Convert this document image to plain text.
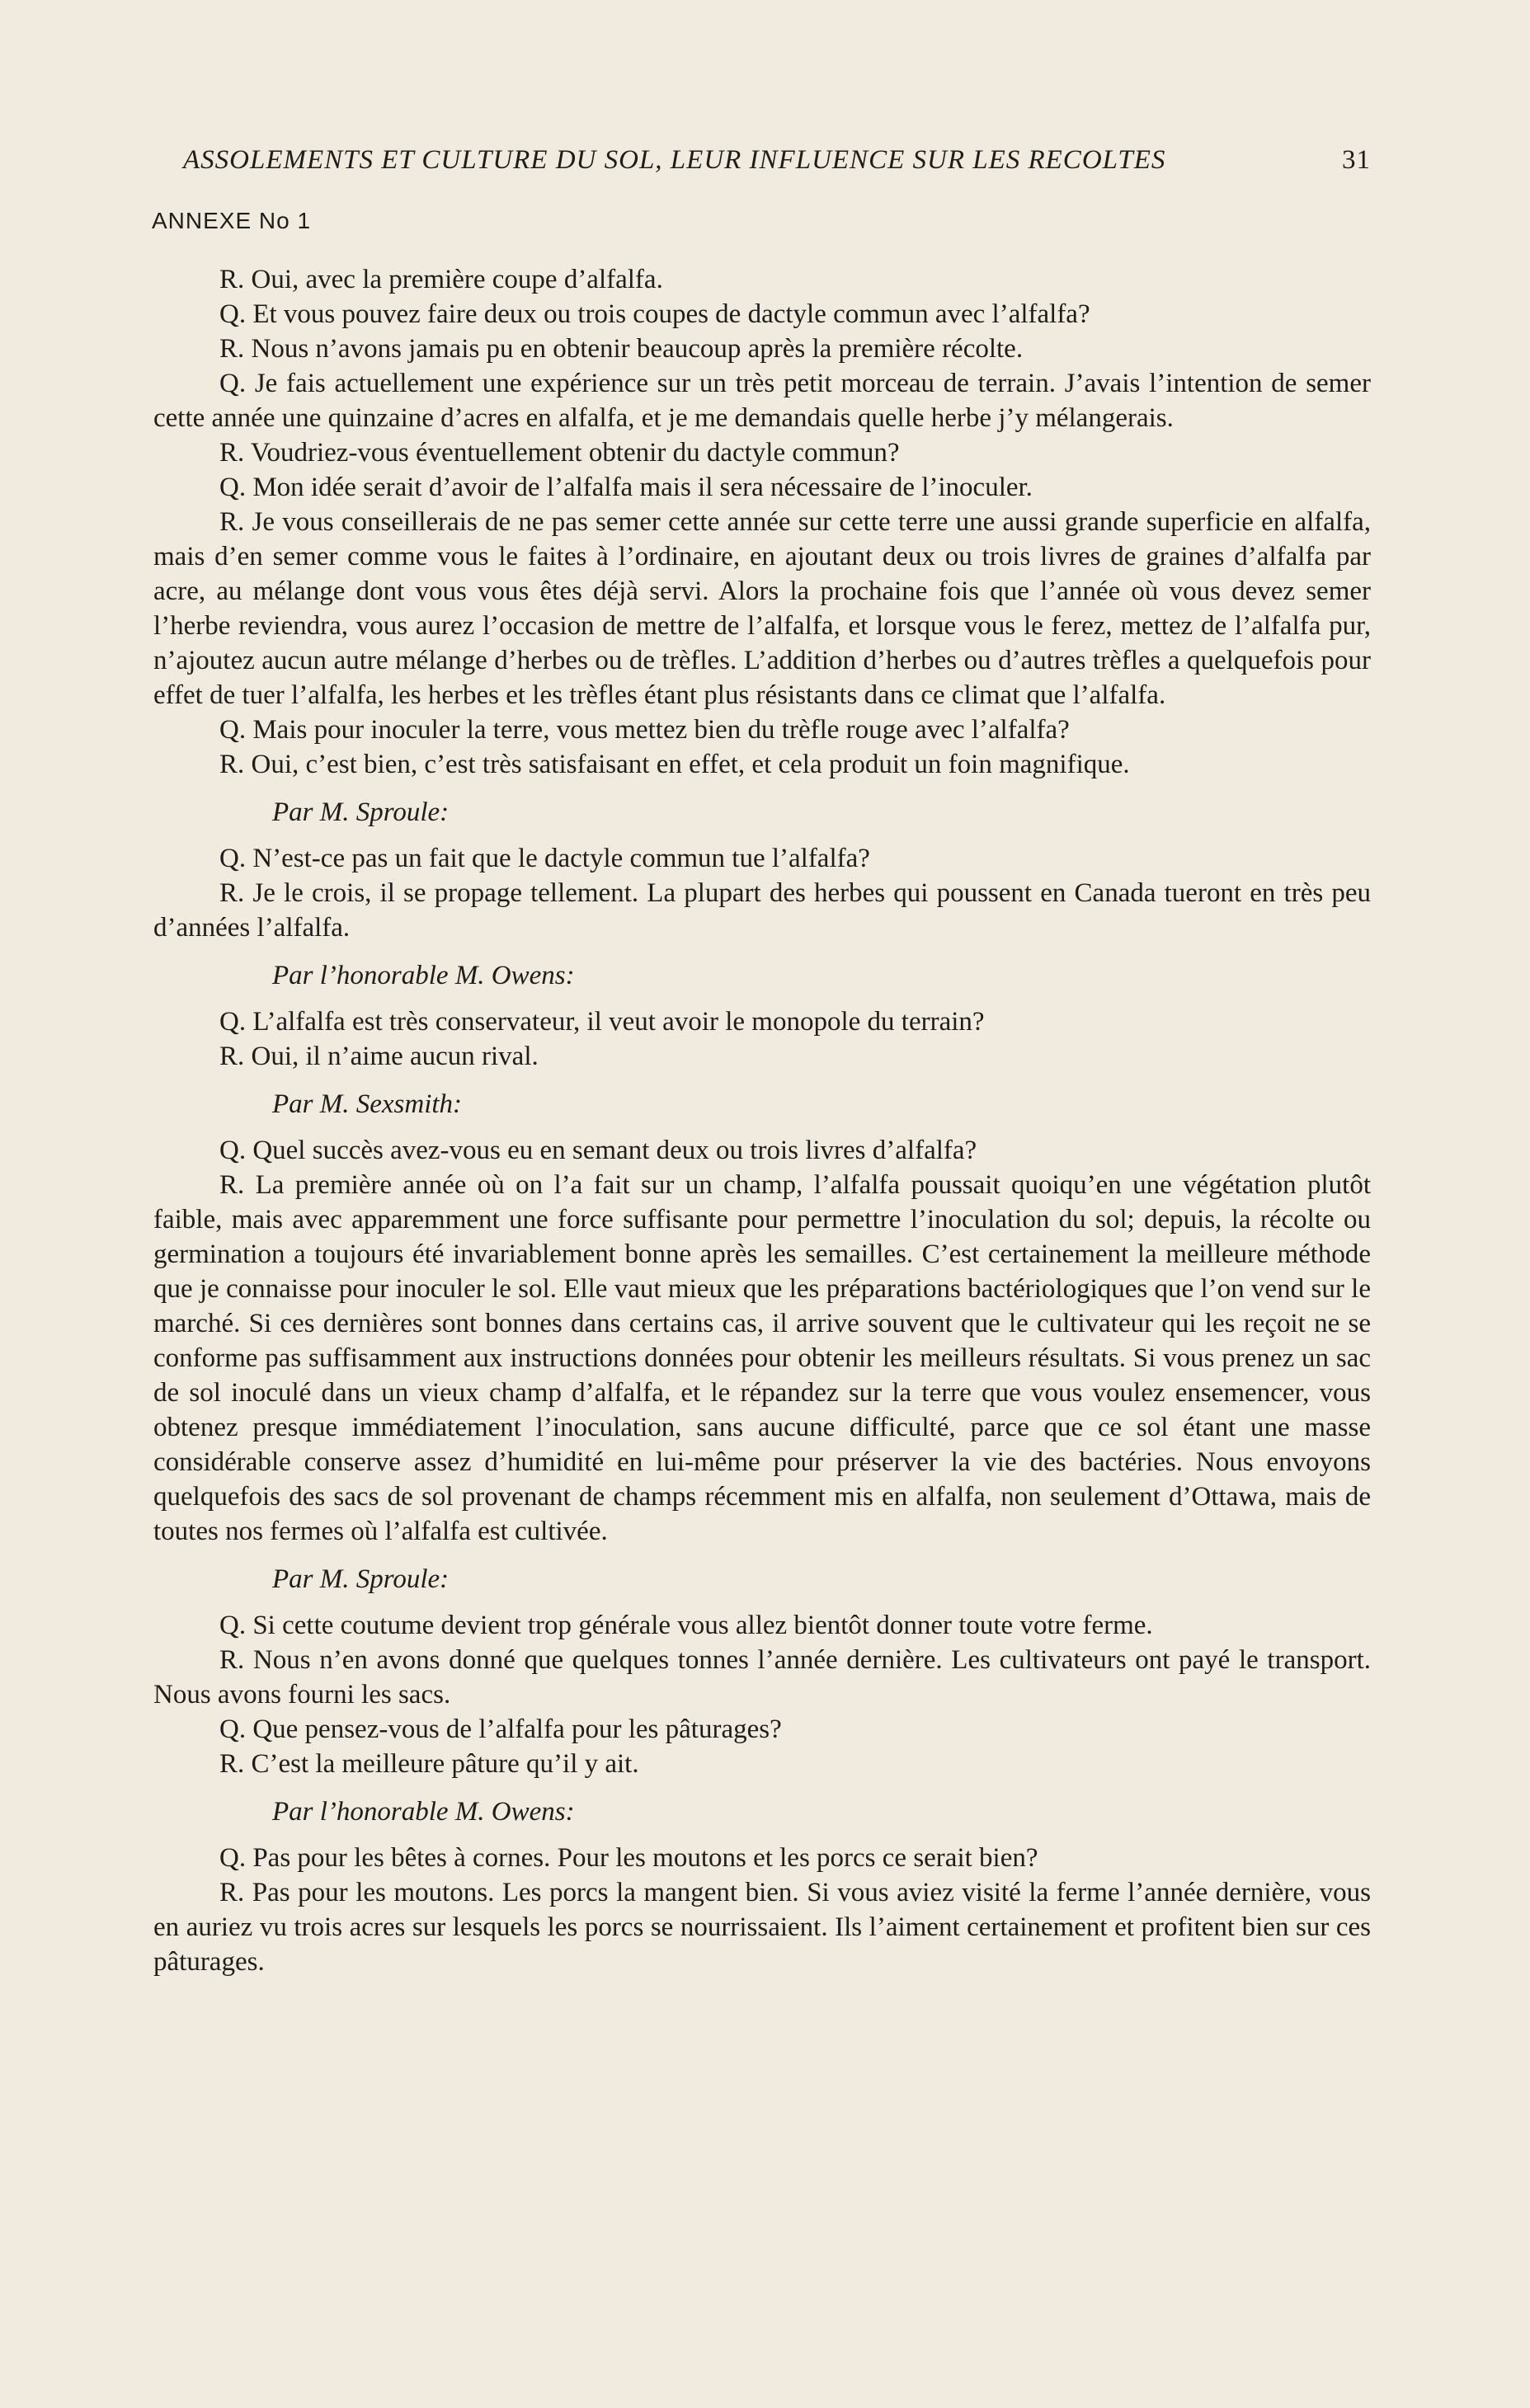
ASSOLEMENTS ET CULTURE DU SOL, LEUR INFLUENCE SUR LES RECOLTES	31
ANNEXE No 1

R. Oui, avec la première coupe d’alfalfa.

Q. Et vous pouvez faire deux ou trois coupes de dactyle commun avec l’alfalfa?

R. Nous n’avons jamais pu en obtenir beaucoup après la première récolte.

Q. Je fais actuellement une expérience sur un très petit morceau de terrain. J’avais l’intention de semer cette année une quinzaine d’acres en alfalfa, et je me demandais quelle herbe j’y mélangerais.

R. Voudriez-vous éventuellement obtenir du dactyle commun?

Q. Mon idée serait d’avoir de l’alfalfa mais il sera nécessaire de l’inoculer.

R. Je vous conseillerais de ne pas semer cette année sur cette terre une aussi grande superficie en alfalfa, mais d’en semer comme vous le faites à l’ordinaire, en ajoutant deux ou trois livres de graines d’alfalfa par acre, au mélange dont vous vous êtes déjà servi. Alors la prochaine fois que l’année où vous devez semer l’herbe reviendra, vous aurez l’occasion de mettre de l’alfalfa, et lorsque vous le ferez, mettez de l’alfalfa pur, n’ajoutez aucun autre mélange d’herbes ou de trèfles. L’addition d’herbes ou d’autres trèfles a quelquefois pour effet de tuer l’alfalfa, les herbes et les trèfles étant plus résistants dans ce climat que l’alfalfa.

Q. Mais pour inoculer la terre, vous mettez bien du trèfle rouge avec l’alfalfa?

R. Oui, c’est bien, c’est très satisfaisant en effet, et cela produit un foin magnifique.

Par M. Sproule:

Q. N’est-ce pas un fait que le dactyle commun tue l’alfalfa?

R. Je le crois, il se propage tellement. La plupart des herbes qui poussent en Canada tueront en très peu d’années l’alfalfa.

Par l’honorable M. Owens:

Q. L’alfalfa est très conservateur, il veut avoir le monopole du terrain?

R. Oui, il n’aime aucun rival.

Par M. Sexsmith:

Q. Quel succès avez-vous eu en semant deux ou trois livres d’alfalfa?

R. La première année où on l’a fait sur un champ, l’alfalfa poussait quoiqu’en une végétation plutôt faible, mais avec apparemment une force suffisante pour permettre l’inoculation du sol; depuis, la récolte ou germination a toujours été invariablement bonne après les semailles. C’est certainement la meilleure méthode que je connaisse pour inoculer le sol. Elle vaut mieux que les préparations bactériologiques que l’on vend sur le marché. Si ces dernières sont bonnes dans certains cas, il arrive souvent que le cultivateur qui les reçoit ne se conforme pas suffisamment aux instructions données pour obtenir les meilleurs résultats. Si vous prenez un sac de sol inoculé dans un vieux champ d’alfalfa, et le répandez sur la terre que vous voulez ensemencer, vous obtenez presque immédiatement l’inoculation, sans aucune difficulté, parce que ce sol étant une masse considérable conserve assez d’humidité en lui-même pour préserver la vie des bactéries. Nous envoyons quelquefois des sacs de sol provenant de champs récemment mis en alfalfa, non seulement d’Ottawa, mais de toutes nos fermes où l’alfalfa est cultivée.

Par M. Sproule:

Q. Si cette coutume devient trop générale vous allez bientôt donner toute votre ferme.

R. Nous n’en avons donné que quelques tonnes l’année dernière. Les cultivateurs ont payé le transport. Nous avons fourni les sacs.

Q. Que pensez-vous de l’alfalfa pour les pâturages?

R. C’est la meilleure pâture qu’il y ait.

Par l’honorable M. Owens:

Q. Pas pour les bêtes à cornes. Pour les moutons et les porcs ce serait bien?

R. Pas pour les moutons. Les porcs la mangent bien. Si vous aviez visité la ferme l’année dernière, vous en auriez vu trois acres sur lesquels les porcs se nourrissaient. Ils l’aiment certainement et profitent bien sur ces pâturages.
